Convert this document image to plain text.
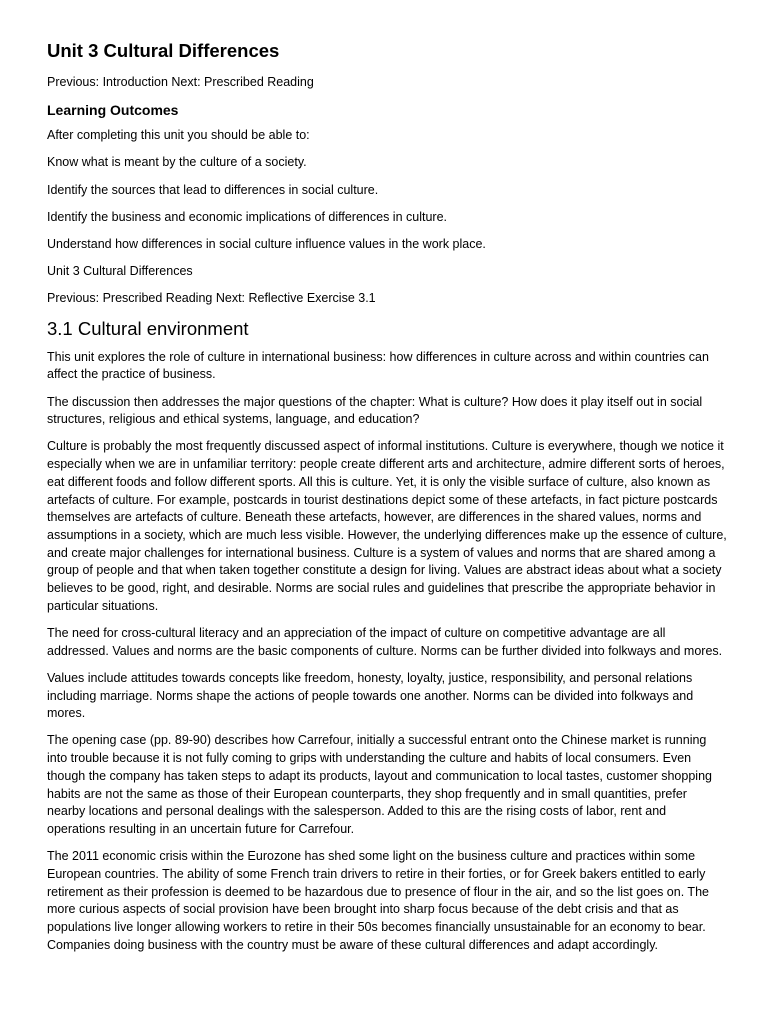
Unit 3 Cultural Differences

Previous: Introduction Next: Prescribed Reading

Learning Outcomes

After completing this unit you should be able to:

Know what is meant by the culture of a society.

Identify the sources that lead to differences in social culture.

Identify the business and economic implications of differences in culture.

Understand how differences in social culture influence values in the work place.

Unit 3 Cultural Differences

Previous: Prescribed Reading Next: Reflective Exercise 3.1

3.1 Cultural environment

This unit explores the role of culture in international business: how differences in culture across and within countries can affect the practice of business.

The discussion then addresses the major questions of the chapter: What is culture? How does it play itself out in social structures, religious and ethical systems, language, and education?

Culture is probably the most frequently discussed aspect of informal institutions. Culture is everywhere, though we notice it especially when we are in unfamiliar territory: people create different arts and architecture, admire different sorts of heroes, eat different foods and follow different sports. All this is culture. Yet, it is only the visible surface of culture, also known as artefacts of culture. For example, postcards in tourist destinations depict some of these artefacts, in fact picture postcards themselves are artefacts of culture. Beneath these artefacts, however, are differences in the shared values, norms and assumptions in a society, which are much less visible. However, the underlying differences make up the essence of culture, and create major challenges for international business. Culture is a system of values and norms that are shared among a group of people and that when taken together constitute a design for living. Values are abstract ideas about what a society believes to be good, right, and desirable. Norms are social rules and guidelines that prescribe the appropriate behavior in particular situations.

The need for cross-cultural literacy and an appreciation of the impact of culture on competitive advantage are all addressed. Values and norms are the basic components of culture. Norms can be further divided into folkways and mores.

Values include attitudes towards concepts like freedom, honesty, loyalty, justice, responsibility, and personal relations including marriage. Norms shape the actions of people towards one another. Norms can be divided into folkways and mores.

The opening case (pp. 89-90) describes how Carrefour, initially a successful entrant onto the Chinese market is running into trouble because it is not fully coming to grips with understanding the culture and habits of local consumers. Even though the company has taken steps to adapt its products, layout and communication to local tastes, customer shopping habits are not the same as those of their European counterparts, they shop frequently and in small quantities, prefer nearby locations and personal dealings with the salesperson. Added to this are the rising costs of labor, rent and operations resulting in an uncertain future for Carrefour.

The 2011 economic crisis within the Eurozone has shed some light on the business culture and practices within some European countries. The ability of some French train drivers to retire in their forties, or for Greek bakers entitled to early retirement as their profession is deemed to be hazardous due to presence of flour in the air, and so the list goes on. The more curious aspects of social provision have been brought into sharp focus because of the debt crisis and that as populations live longer allowing workers to retire in their 50s becomes financially unsustainable for an economy to bear. Companies doing business with the country must be aware of these cultural differences and adapt accordingly.
